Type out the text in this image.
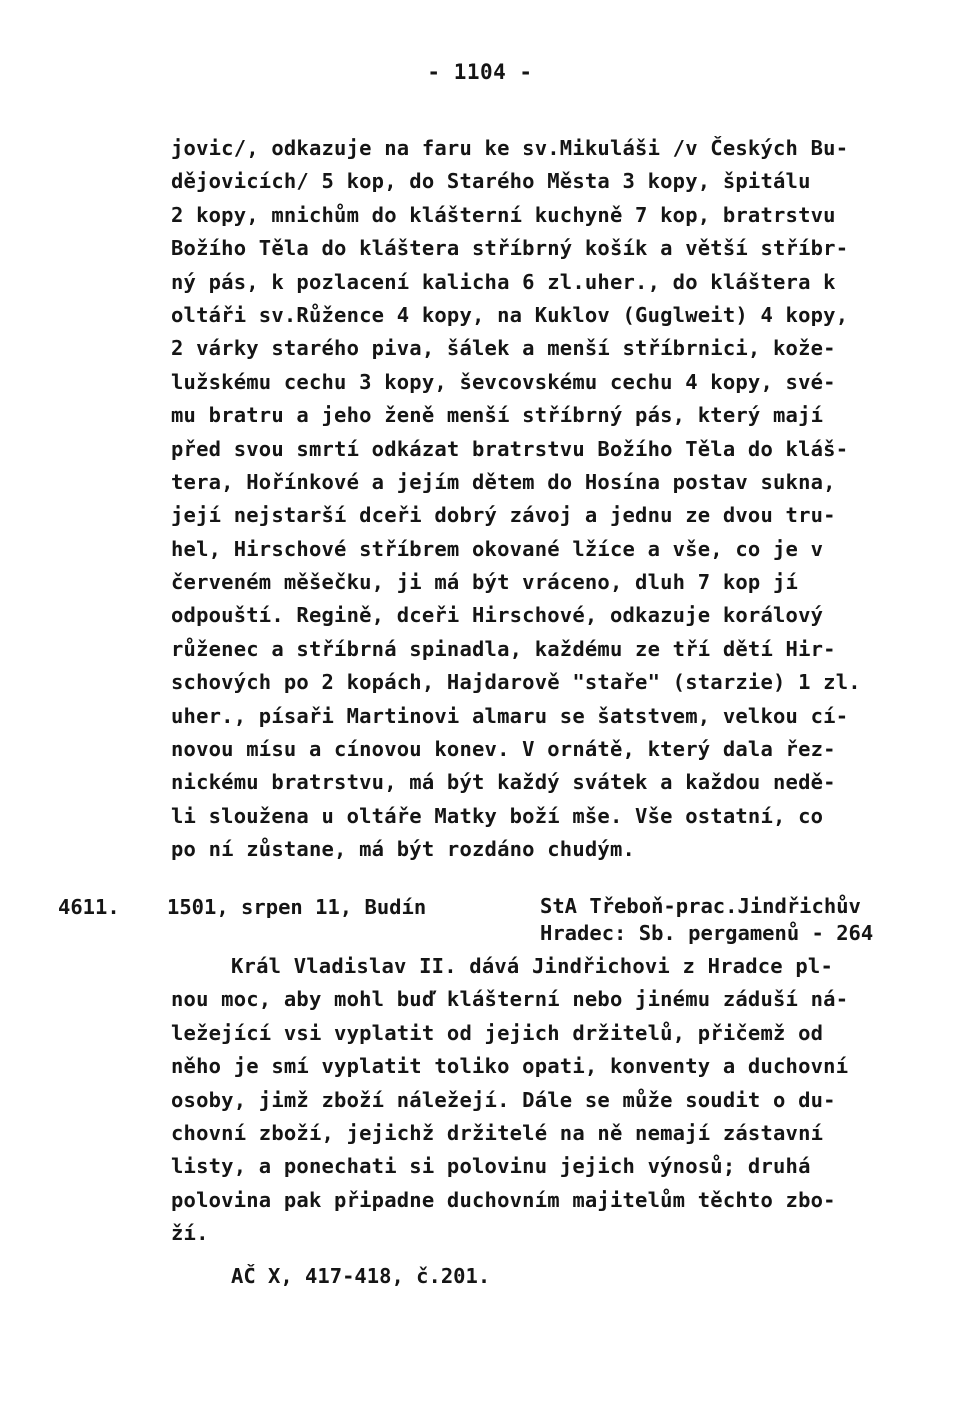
- 1104 -
jovic/, odkazuje na faru ke sv.Mikuláši /v Českých Bu-
dějovicích/ 5 kop, do Starého Města 3 kopy, špitálu
2 kopy, mnichům do klášterní kuchyně 7 kop, bratrstvu
Božího Těla do kláštera stříbrný košík a větší stříbr-
ný pás, k pozlacení kalicha 6 zl.uher., do kláštera k
oltáři sv.Růžence 4 kopy, na Kuklov (Guglweit) 4 kopy,
2 várky starého piva, šálek a menší stříbrnici, kože-
lužskému cechu 3 kopy, ševcovskému cechu 4 kopy, své-
mu bratru a jeho ženě menší stříbrný pás, který mají
před svou smrtí odkázat bratrstvu Božího Těla do kláš-
tera, Hořínkové a jejím dětem do Hosína postav sukna,
její nejstarší dceři dobrý závoj a jednu ze dvou tru-
hel, Hirschové stříbrem okované lžíce a vše, co je v
červeném měšečku, ji má být vráceno, dluh 7 kop jí
odpouští. Regině, dceři Hirschové, odkazuje korálový
růženec a stříbrná spinadla, každému ze tří dětí Hir-
schových po 2 kopách, Hajdarově "staře" (starzie) 1 zl.
uher., písaři Martinovi almaru se šatstvem, velkou cí-
novou mísu a cínovou konev. V ornátě, který dala řez-
nickému bratrstvu, má být každý svátek a každou nedě-
li sloužena u oltáře Matky boží mše. Vše ostatní, co
po ní zůstane, má být rozdáno chudým.
4611. 1501, srpen 11, Budín	StA Třeboň-prac.Jindřichův
Hradec: Sb. pergamenů - 264
Král Vladislav II. dává Jindřichovi z Hradce pl-
nou moc, aby mohl buď klášterní nebo jinému záduší ná-
ležející vsi vyplatit od jejich držitelů, přičemž od
něho je smí vyplatit toliko opati, konventy a duchovní
osoby, jimž zboží náležejí. Dále se může soudit o du-
chovní zboží, jejichž držitelé na ně nemají zástavní
listy, a ponechati si polovinu jejich výnosů; druhá
polovina pak připadne duchovním majitelům těchto zbo-
ží.
AČ X, 417-418, č.201.
